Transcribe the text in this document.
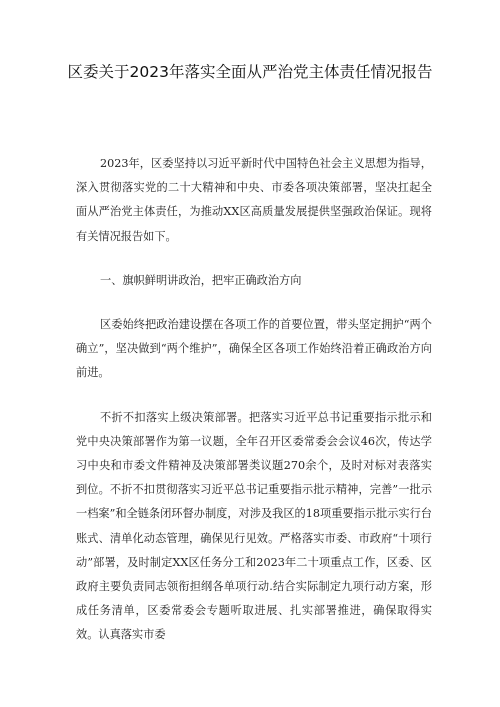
区委关于2023年落实全面从严治党主体责任情况报告

2023年，区委坚持以习近平新时代中国特色社会主义思想为指导，深入贯彻落实党的二十大精神和中央、市委各项决策部署，坚决扛起全面从严治党主体责任，为推动XX区高质量发展提供坚强政治保证。现将有关情况报告如下。

一、旗帜鲜明讲政治，把牢正确政治方向

区委始终把政治建设摆在各项工作的首要位置，带头坚定拥护“两个确立”，坚决做到“两个维护”，确保全区各项工作始终沿着正确政治方向前进。

不折不扣落实上级决策部署。把落实习近平总书记重要指示批示和党中央决策部署作为第一议题，全年召开区委常委会会议46次，传达学习中央和市委文件精神及决策部署类议题270余个，及时对标对表落实到位。不折不扣贯彻落实习近平总书记重要指示批示精神，完善”一批示一档案”和全链条闭环督办制度，对涉及我区的18项重要指示批示实行台账式、清单化动态管理，确保见行见效。严格落实市委、市政府“十项行动”部署，及时制定XX区任务分工和2023年二十项重点工作，区委、区政府主要负责同志领衔担纲各单项行动.结合实际制定九项行动方案，形成任务清单，区委常委会专题听取进展、扎实部署推进，确保取得实效。认真落实市委
